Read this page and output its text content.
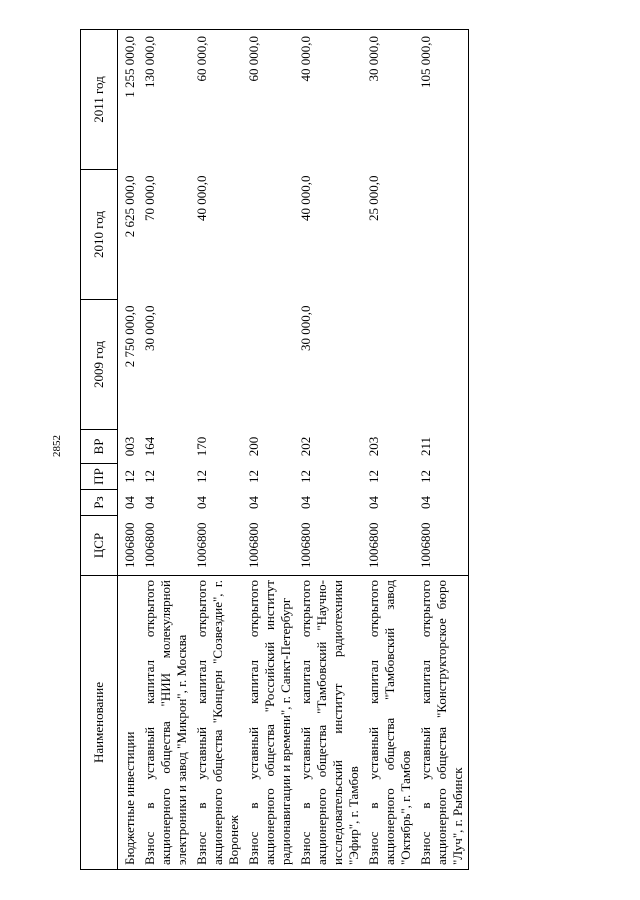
2852
Наименование	ЦСР	Рз	ПР	ВР	2009 год	2010 год	2011 год
Бюджетные инвестиции	1006800	04	12	003	2 750 000,0	2 625 000,0	1 255 000,0
Взнос в уставный капитал открытого акционерного общества "НИИ молекулярной электроники и завод "Микрон", г. Москва	1006800	04	12	164	30 000,0	70 000,0	130 000,0
Взнос в уставный капитал открытого акционерного общества "Концерн "Созвездие", г. Воронеж	1006800	04	12	170		40 000,0	60 000,0
Взнос в уставный капитал открытого акционерного общества "Российский институт радионавигации и времени", г. Санкт-Петербург	1006800	04	12	200			60 000,0
Взнос в уставный капитал открытого акционерного общества "Тамбовский "Научно-исследовательский институт радиотехники "Эфир", г. Тамбов	1006800	04	12	202	30 000,0	40 000,0	40 000,0
Взнос в уставный капитал открытого акционерного общества "Тамбовский завод "Октябрь", г. Тамбов	1006800	04	12	203		25 000,0	30 000,0
Взнос в уставный капитал открытого акционерного общества "Конструкторское бюро "Луч", г. Рыбинск	1006800	04	12	211			105 000,0
